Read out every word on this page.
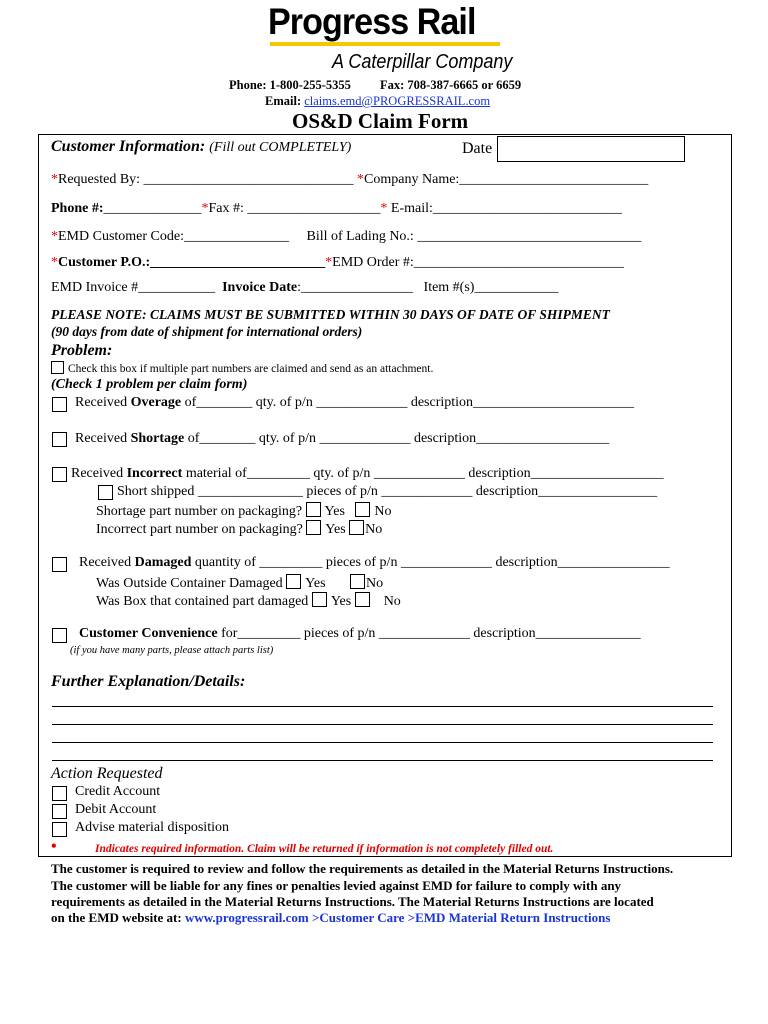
Progress Rail
A Caterpillar Company
Phone: 1-800-255-5355 Fax: 708-387-6665 or 6659
Email: claims.emd@PROGRESSRAIL.com
OS&D Claim Form
Customer Information: (Fill out COMPLETELY)	Date
*Requested By: ______________________________ *Company Name:___________________________
Phone #:______________*Fax #: ___________________* E-mail:___________________________
*EMD Customer Code:_______________ Bill of Lading No.: ________________________________
*Customer P.O.:_________________________*EMD Order #:______________________________
EMD Invoice #___________ Invoice Date:________________ Item #(s)____________
PLEASE NOTE: CLAIMS MUST BE SUBMITTED WITHIN 30 DAYS OF DATE OF SHIPMENT
(90 days from date of shipment for international orders)
Problem:
Check this box if multiple part numbers are claimed and send as an attachment.
(Check 1 problem per claim form)
Received Overage of________ qty. of p/n _____________ description_______________________
Received Shortage of________ qty. of p/n _____________ description___________________
Received Incorrect material of_________ qty. of p/n _____________ description___________________
Short shipped _______________ pieces of p/n _____________ description_________________
Shortage part number on packaging? Yes No
Incorrect part number on packaging? Yes No
Received Damaged quantity of _________ pieces of p/n _____________ description________________
Was Outside Container Damaged Yes	No
Was Box that contained part damaged Yes No
Customer Convenience for_________ pieces of p/n _____________ description_______________
(if you have many parts, please attach parts list)
Further Explanation/Details:
Action Requested
Credit Account
Debit Account
Advise material disposition
•	Indicates required information. Claim will be returned if information is not completely filled out.
The customer is required to review and follow the requirements as detailed in the Material Returns Instructions.
The customer will be liable for any fines or penalties levied against EMD for failure to comply with any
requirements as detailed in the Material Returns Instructions. The Material Returns Instructions are located
on the EMD website at: www.progressrail.com >Customer Care >EMD Material Return Instructions
